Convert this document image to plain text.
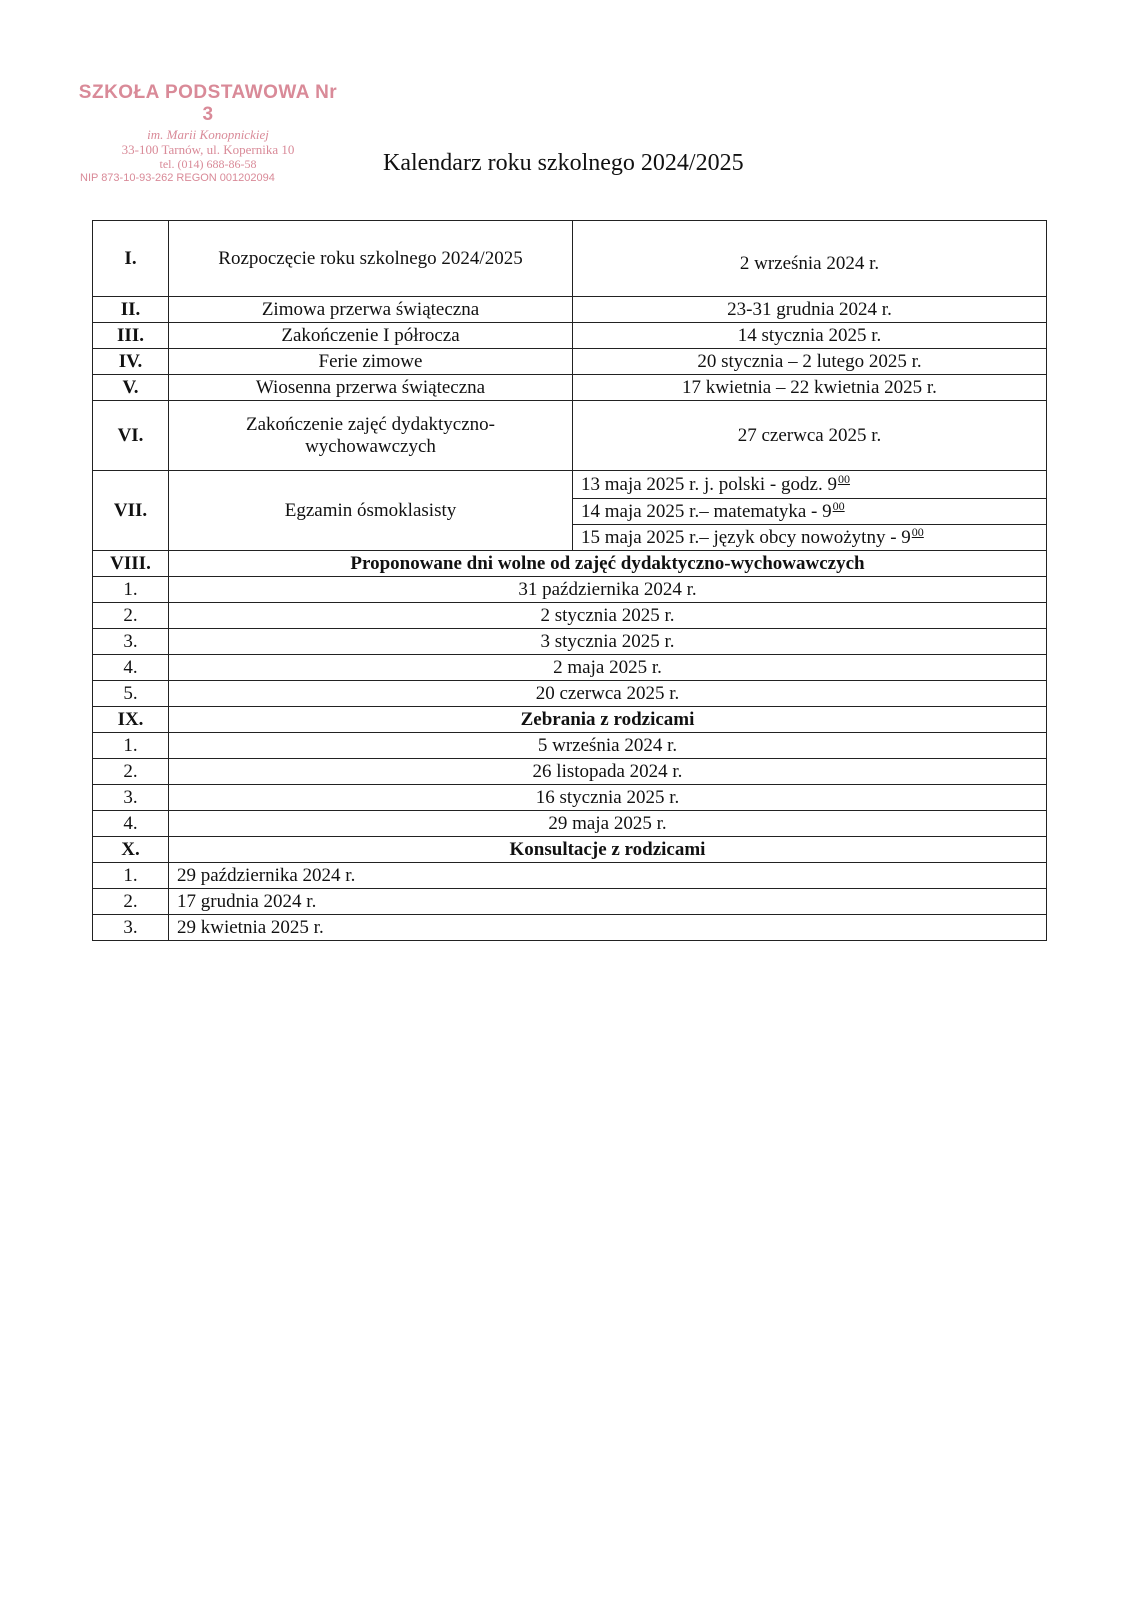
SZKOŁA PODSTAWOWA Nr 3
im. Marii Konopnickiej
33-100 Tarnów, ul. Kopernika 10
tel. (014) 688-86-58
NIP 873-10-93-262 REGON 001202094
Kalendarz roku szkolnego 2024/2025
I.	Rozpoczęcie roku szkolnego 2024/2025	2 września 2024 r.
II.	Zimowa przerwa świąteczna	23-31 grudnia 2024 r.
III.	Zakończenie I półrocza	14 stycznia 2025 r.
IV.	Ferie zimowe	20 stycznia – 2 lutego 2025 r.
V.	Wiosenna przerwa świąteczna	17 kwietnia – 22 kwietnia 2025 r.
VI.	Zakończenie zajęć dydaktyczno-wychowawczych	27 czerwca 2025 r.
VII.	Egzamin ósmoklasisty	13 maja 2025 r. j. polski - godz. $9^{00}$
		14 maja 2025 r.– matematyka - $9^{00}$
		15 maja 2025 r.– język obcy nowożytny - $9^{00}$
VIII.	Proponowane dni wolne od zajęć dydaktyczno-wychowawczych	
1.	31 października 2024 r.	
2.	2 stycznia 2025 r.	
3.	3 stycznia 2025 r.	
4.	2 maja 2025 r.	
5.	20 czerwca 2025 r.	
IX.	Zebrania z rodzicami	
1.	5 września 2024 r.	
2.	26 listopada 2024 r.	
3.	16 stycznia 2025 r.	
4.	29 maja 2025 r.	
X.	Konsultacje z rodzicami	
1.	29 października 2024 r.	
2.	17 grudnia 2024 r.	
3.	29 kwietnia 2025 r.	
